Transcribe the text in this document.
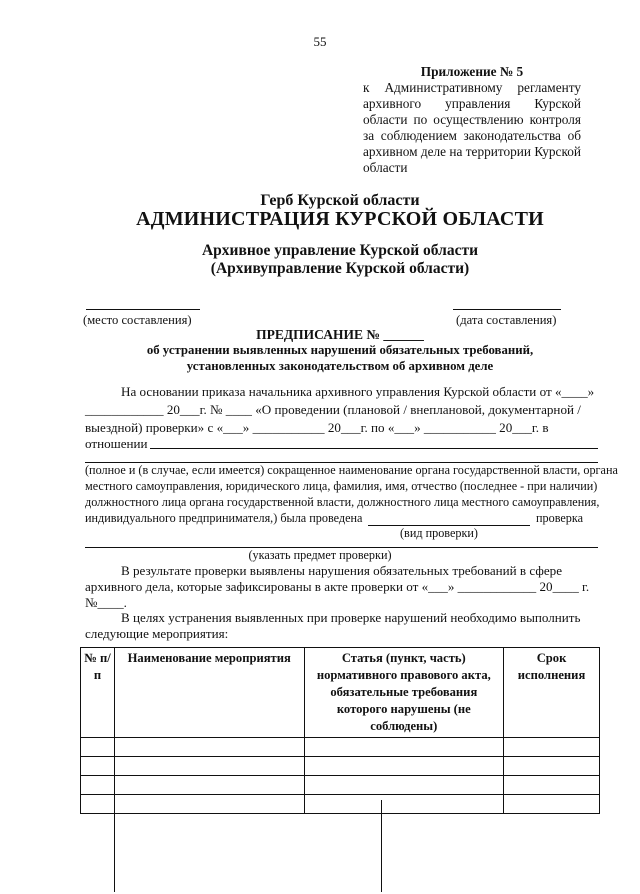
55
Приложение № 5
к Административному регламенту архивного управления Курской области по осуществлению контроля за соблюдением законодательства об архивном деле на территории Курской области
Герб Курской области
АДМИНИСТРАЦИЯ КУРСКОЙ ОБЛАСТИ
Архивное управление Курской области
(Архивуправление Курской области)
(место составления)	(дата составления)
ПРЕДПИСАНИЕ № ______
об устранении выявленных нарушений обязательных требований,
установленных законодательством об архивном деле
На основании приказа начальника архивного управления Курской области от «____»
____________ 20___г. № ____ «О проведении (плановой / внеплановой, документарной /
выездной) проверки» с «___» ___________ 20___г. по «___» ___________ 20___г. в
отношении
(полное и (в случае, если имеется) сокращенное наименование органа государственной власти, органа
местного самоуправления, юридического лица, фамилия, имя, отчество (последнее - при наличии)
должностного лица органа государственной власти, должностного лица местного самоуправления,
индивидуального предпринимателя,) была проведена	проверка
(вид проверки)
(указать предмет проверки)
В результате проверки выявлены нарушения обязательных требований в сфере
архивного дела, которые зафиксированы в акте проверки от «___» ____________ 20____ г.
№____.
В целях устранения выявленных при проверке нарушений необходимо выполнить
следующие мероприятия:
№ п/п	Наименование мероприятия	Статья (пункт, часть) нормативного правового акта, обязательные требования которого нарушены (не соблюдены)	Срок исполнения
